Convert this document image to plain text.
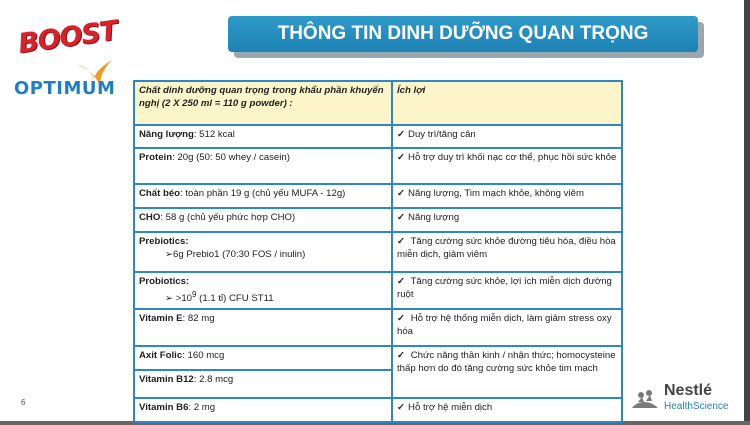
BOOST
OPTIMUM
THÔNG TIN DINH DƯỠNG QUAN TRỌNG
Chất dinh dưỡng quan trọng trong khẩu phần khuyến nghị (2 X 250 ml = 110 g powder) :	Ích lợi
Năng lượng: 512 kcal	✓ Duy trì/tăng cân
Protein: 20g (50: 50 whey / casein)	✓ Hỗ trợ duy trì khối nạc cơ thể, phục hồi sức khỏe
Chất béo: toàn phần 19 g (chủ yếu MUFA - 12g)	✓ Năng lượng, Tim mạch khỏe, không viêm
CHO: 58 g (chủ yếu phức hợp CHO)	✓ Năng lượng

Prebiotics:
➢6g Prebio1 (70:30 FOS / inulin)	✓ Tăng cường sức khỏe đường tiêu hóa, điều hòa miễn dịch, giảm viêm

Probiotics:
➢ $>10^9$ (1.1 tỉ) CFU ST11	✓ Tăng cường sức khỏe, lợi ích miễn dịch đường ruột
Vitamin E: 82 mg	✓ Hỗ trợ hệ thống miễn dịch, làm giảm stress oxy hóa
Axit Folic: 160 mcg	✓ Chức năng thần kinh / nhận thức; homocysteine thấp hơn do đó tăng cường sức khỏe tim mạch
Vitamin B12: 2.8 mcg	
Vitamin B6: 2 mg	✓ Hỗ trợ hệ miễn dịch
6
Nestlé
HealthScience
